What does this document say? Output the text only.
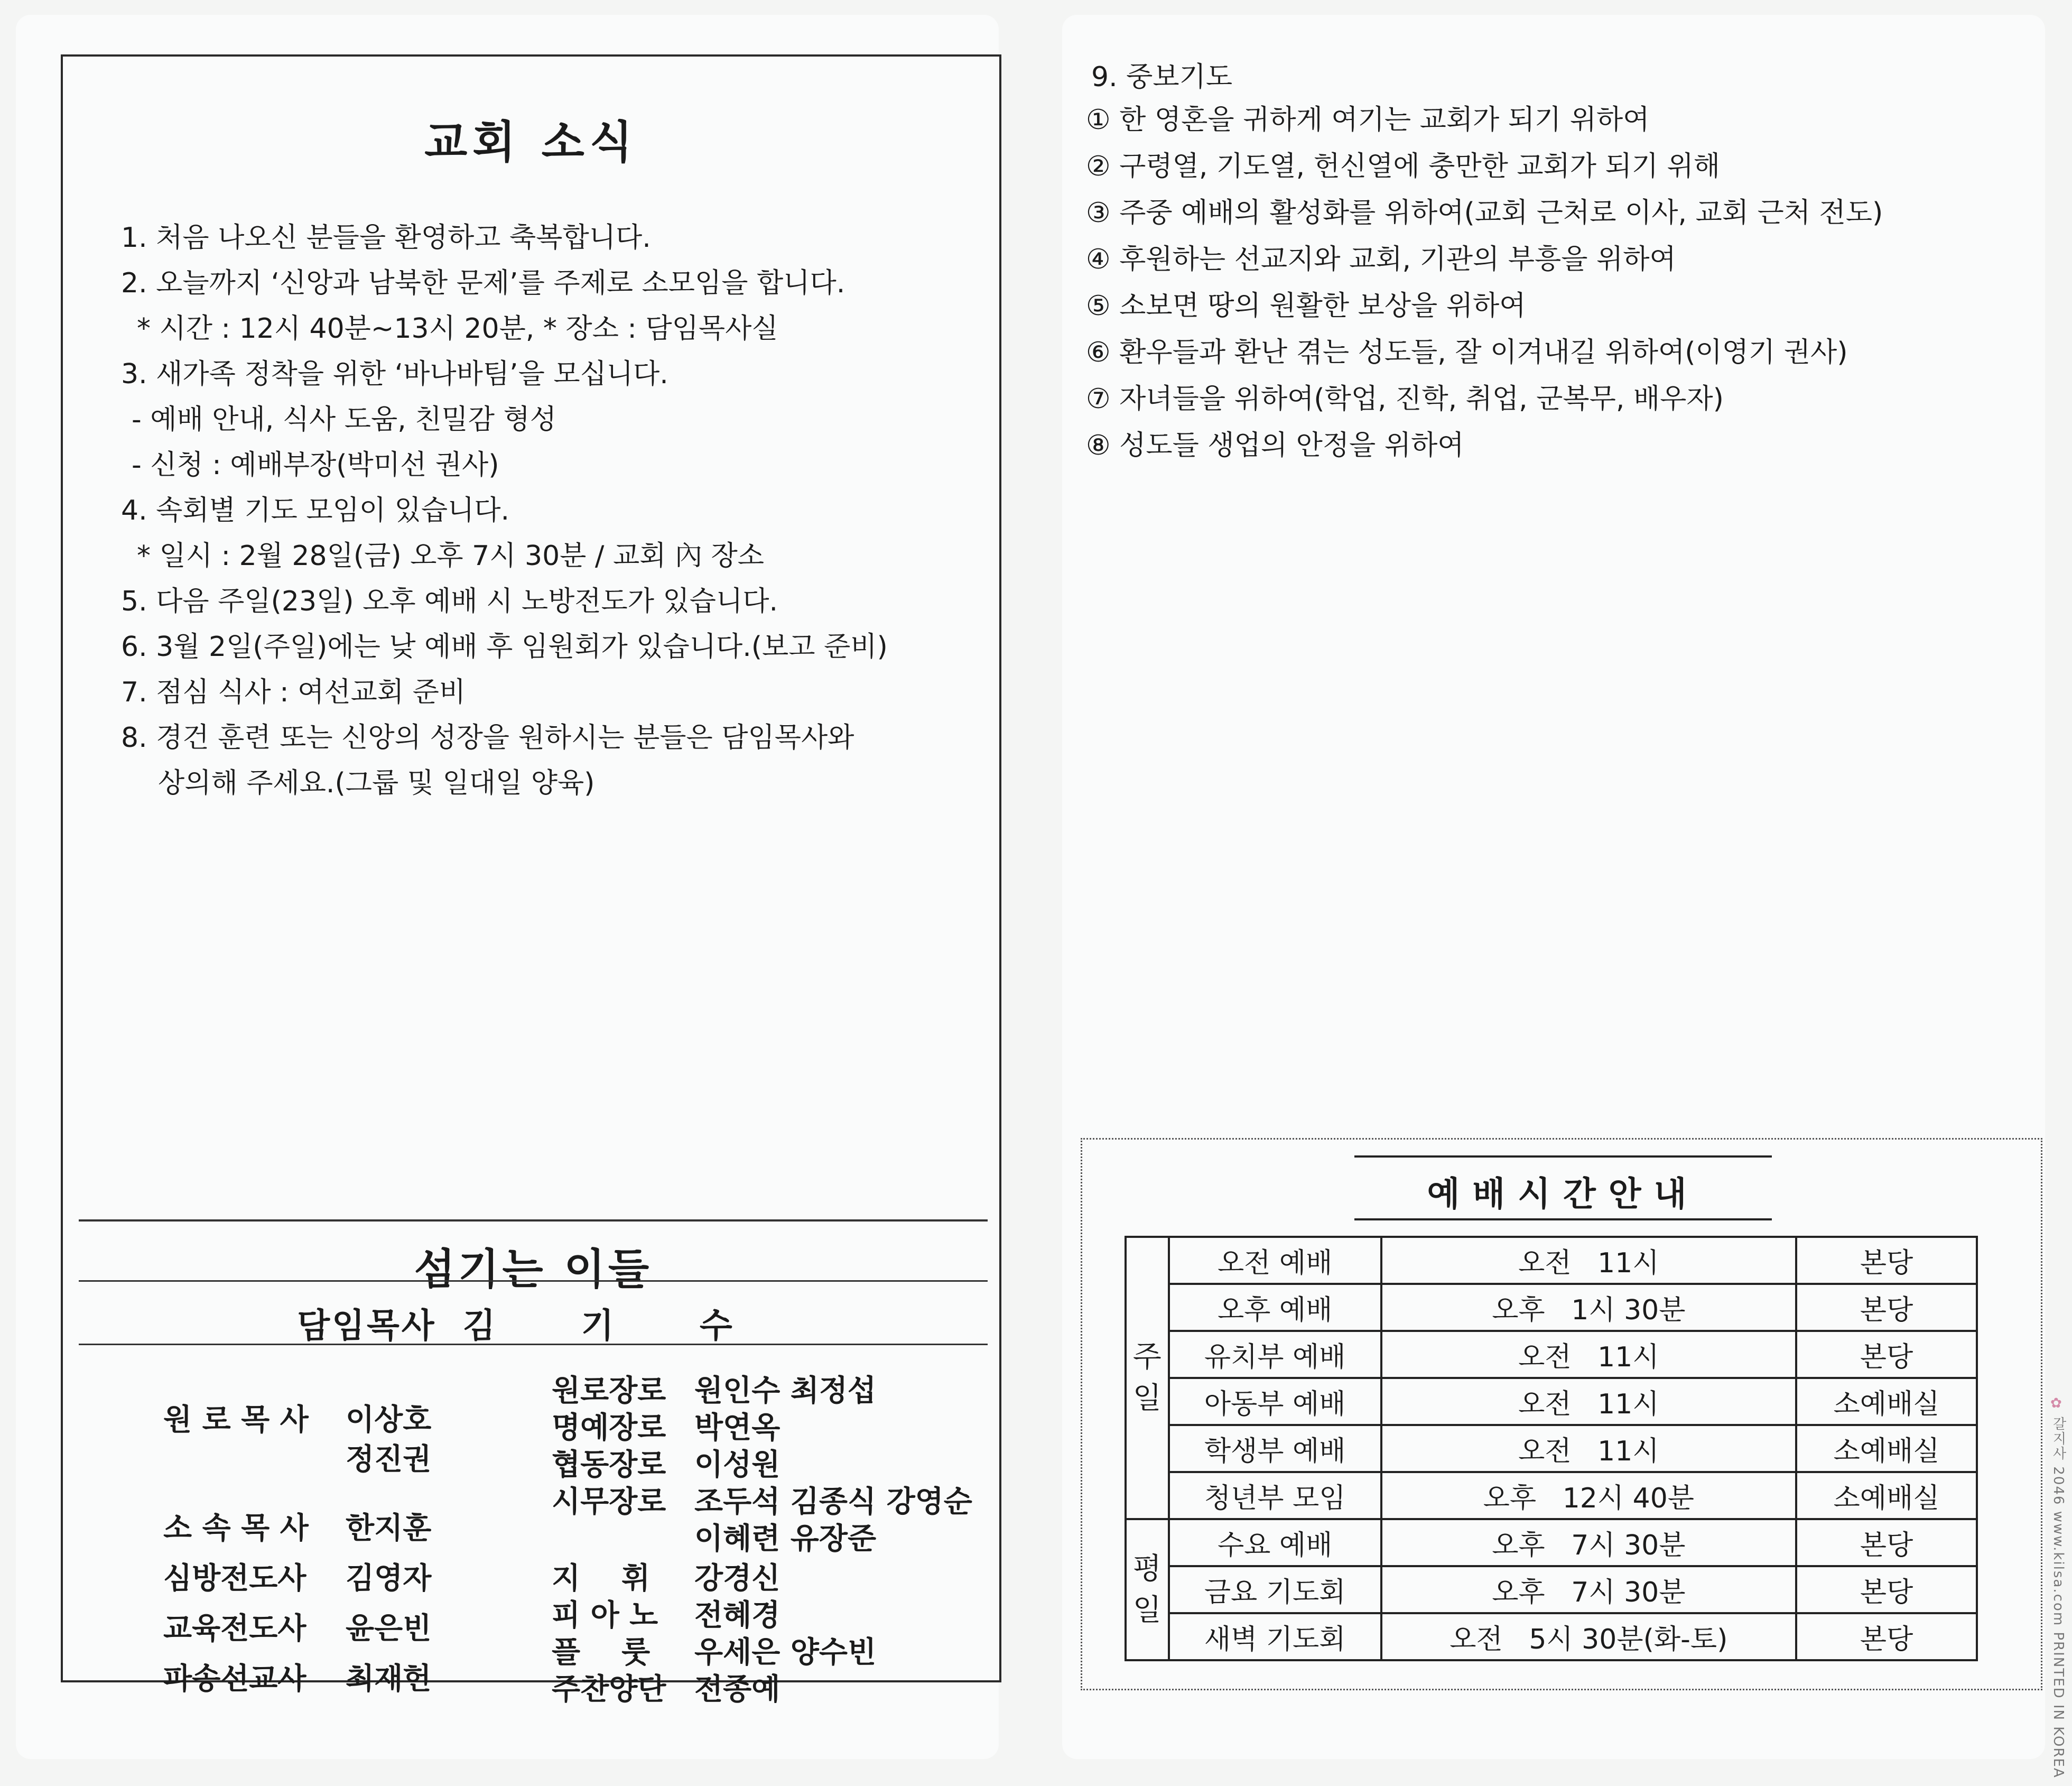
교회 소식
1. 처음 나오신 분들을 환영하고 축복합니다.
2. 오늘까지 ‘신앙과 남북한 문제’를 주제로 소모임을 합니다.
* 시간 : 12시 40분~13시 20분, * 장소 : 담임목사실
3. 새가족 정착을 위한 ‘바나바팀’을 모십니다.
- 예배 안내, 식사 도움, 친밀감 형성
- 신청 : 예배부장(박미선 권사)
4. 속회별 기도 모임이 있습니다.
* 일시 : 2월 28일(금) 오후 7시 30분 / 교회 內 장소
5. 다음 주일(23일) 오후 예배 시 노방전도가 있습니다.
6. 3월 2일(주일)에는 낮 예배 후 임원회가 있습니다.(보고 준비)
7. 점심 식사 : 여선교회 준비
8. 경건 훈련 또는 신앙의 성장을 원하시는 분들은 담임목사와
상의해 주세요.(그룹 및 일대일 양육)
섬기는 이들
담임목사 김 기 수
원 로 목 사 이상호
정진권
소 속 목 사 한지훈
심방전도사 김영자
교육전도사 윤은빈
원로장로 원인수 최정섭
명예장로 박연옥
협동장로 이성원
시무장로 조두석 김종식 강영순
이혜련 유장준
지    휘 강경신
피 아 노 전혜경
플    룻 우세은 양수빈
주찬양단 전종예
파송선교사 최재헌
9. 중보기도
① 한 영혼을 귀하게 여기는 교회가 되기 위하여
② 구령열, 기도열, 헌신열에 충만한 교회가 되기 위해
③ 주중 예배의 활성화를 위하여(교회 근처로 이사, 교회 근처 전도)
④ 후원하는 선교지와 교회, 기관의 부흥을 위하여
⑤ 소보면 땅의 원활한 보상을 위하여
⑥ 환우들과 환난 겪는 성도들, 잘 이겨내길 위하여(이영기 권사)
⑦ 자녀들을 위하여(학업, 진학, 취업, 군복무, 배우자)
⑧ 성도들 생업의 안정을 위하여
예배시간안내
주
일	오전 예배	오전   11시	본당
	오후 예배	오후   1시 30분	본당
	유치부 예배	오전   11시	본당
	아동부 예배	오전   11시	소예배실
	학생부 예배	오전   11시	소예배실
	청년부 모임	오후   12시 40분	소예배실
평
일	수요 예배	오후   7시 30분	본당
	금요 기도회	오후   7시 30분	본당
	새벽 기도회	오전   5시 30분(화-토)	본당
✿
갈지사 2046 www.kilsa.com PRINTED IN KOREA
